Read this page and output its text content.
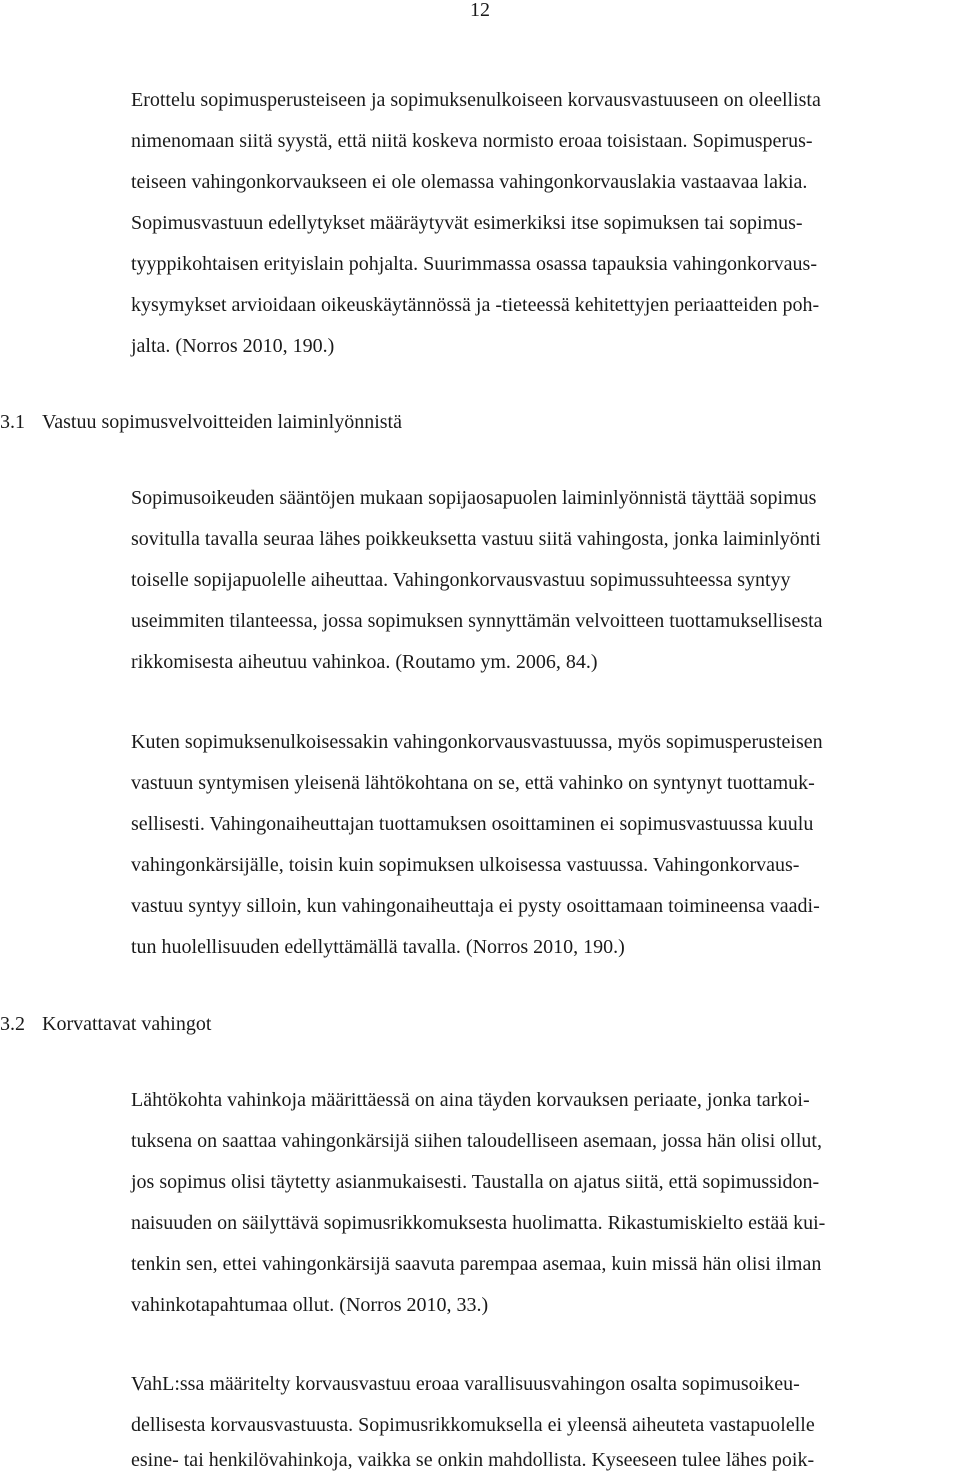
12
Erottelu sopimusperusteiseen ja sopimuksenulkoiseen korvausvastuuseen on oleellista
nimenomaan siitä syystä, että niitä koskeva normisto eroaa toisistaan. Sopimusperus-
teiseen vahingonkorvaukseen ei ole olemassa vahingonkorvauslakia vastaavaa lakia.
Sopimusvastuun edellytykset määräytyvät esimerkiksi itse sopimuksen tai sopimus-
tyyppikohtaisen erityislain pohjalta. Suurimmassa osassa tapauksia vahingonkorvaus-
kysymykset arvioidaan oikeuskäytännössä ja -tieteessä kehitettyjen periaatteiden poh-
jalta. (Norros 2010, 190.)
3.1 Vastuu sopimusvelvoitteiden laiminlyönnistä
Sopimusoikeuden sääntöjen mukaan sopijaosapuolen laiminlyönnistä täyttää sopimus
sovitulla tavalla seuraa lähes poikkeuksetta vastuu siitä vahingosta, jonka laiminlyönti
toiselle sopijapuolelle aiheuttaa. Vahingonkorvausvastuu sopimussuhteessa syntyy
useimmiten tilanteessa, jossa sopimuksen synnyttämän velvoitteen tuottamuksellisesta
rikkomisesta aiheutuu vahinkoa. (Routamo ym. 2006, 84.)
Kuten sopimuksenulkoisessakin vahingonkorvausvastuussa, myös sopimusperusteisen
vastuun syntymisen yleisenä lähtökohtana on se, että vahinko on syntynyt tuottamuk-
sellisesti. Vahingonaiheuttajan tuottamuksen osoittaminen ei sopimusvastuussa kuulu
vahingonkärsijälle, toisin kuin sopimuksen ulkoisessa vastuussa. Vahingonkorvaus-
vastuu syntyy silloin, kun vahingonaiheuttaja ei pysty osoittamaan toimineensa vaadi-
tun huolellisuuden edellyttämällä tavalla. (Norros 2010, 190.)
3.2 Korvattavat vahingot
Lähtökohta vahinkoja määrittäessä on aina täyden korvauksen periaate, jonka tarkoi-
tuksena on saattaa vahingonkärsijä siihen taloudelliseen asemaan, jossa hän olisi ollut,
jos sopimus olisi täytetty asianmukaisesti. Taustalla on ajatus siitä, että sopimussidon-
naisuuden on säilyttävä sopimusrikkomuksesta huolimatta. Rikastumiskielto estää kui-
tenkin sen, ettei vahingonkärsijä saavuta parempaa asemaa, kuin missä hän olisi ilman
vahinkotapahtumaa ollut. (Norros 2010, 33.)
VahL:ssa määritelty korvausvastuu eroaa varallisuusvahingon osalta sopimusoikeu-
dellisesta korvausvastuusta. Sopimusrikkomuksella ei yleensä aiheuteta vastapuolelle
esine- tai henkilövahinkoja, vaikka se onkin mahdollista. Kyseeseen tulee lähes poik-
